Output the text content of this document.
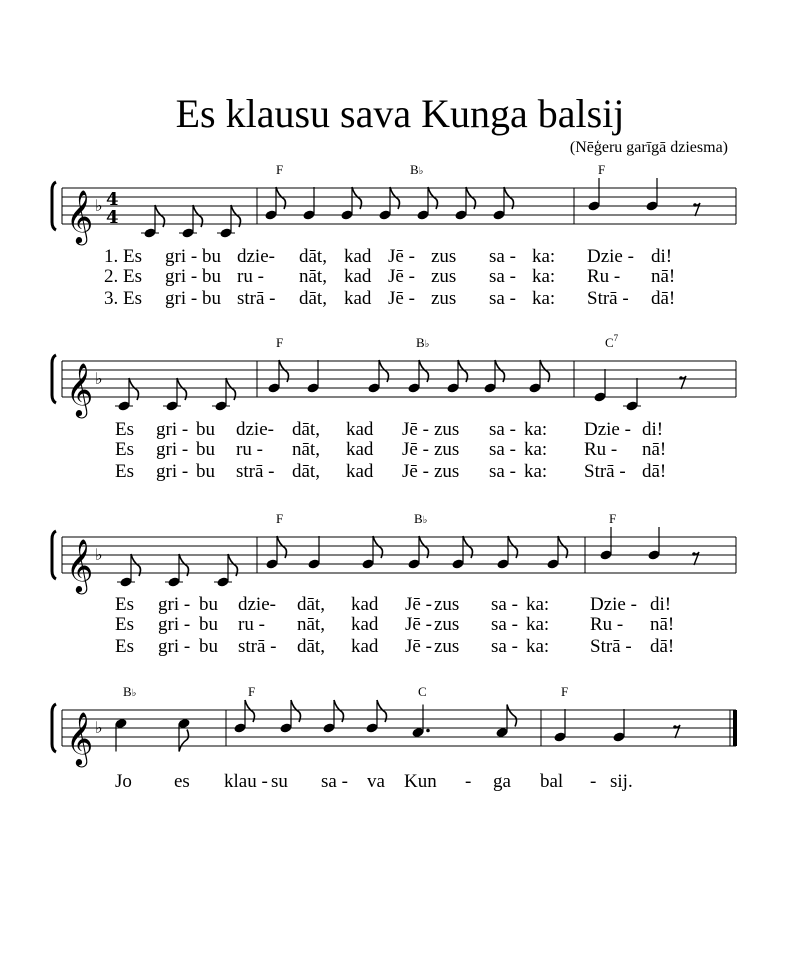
Es klausu sava Kunga balsij
(Nēģeru garīgā dziesma)
𝄞 ♭ 4
4
F	B♭	F
1. Es gri - bu dzie- dāt, kad Jē - zus sa - ka: Dzie - di!
2. Es gri - bu ru - nāt, kad Jē - zus sa - ka: Ru - nā!
3. Es gri - bu strā - dāt, kad Jē - zus sa - ka: Strā - dā!
𝄞 ♭
F	B♭	$C^7$
Es gri - bu dzie- dāt, kad Jē - zus sa - ka: Dzie - di!
Es gri - bu ru - nāt, kad Jē - zus sa - ka: Ru - nā!
Es gri - bu strā - dāt, kad Jē - zus sa - ka: Strā - dā!
𝄞 ♭
F	B♭	F
Es gri - bu dzie- dāt, kad Jē - zus sa - ka: Dzie - di!
Es gri - bu ru - nāt, kad Jē - zus sa - ka: Ru - nā!
Es gri - bu strā - dāt, kad Jē - zus sa - ka: Strā - dā!
𝄞 ♭
B♭	F	C	F
Jo es klau - su sa - va Kun - ga bal - sij.
